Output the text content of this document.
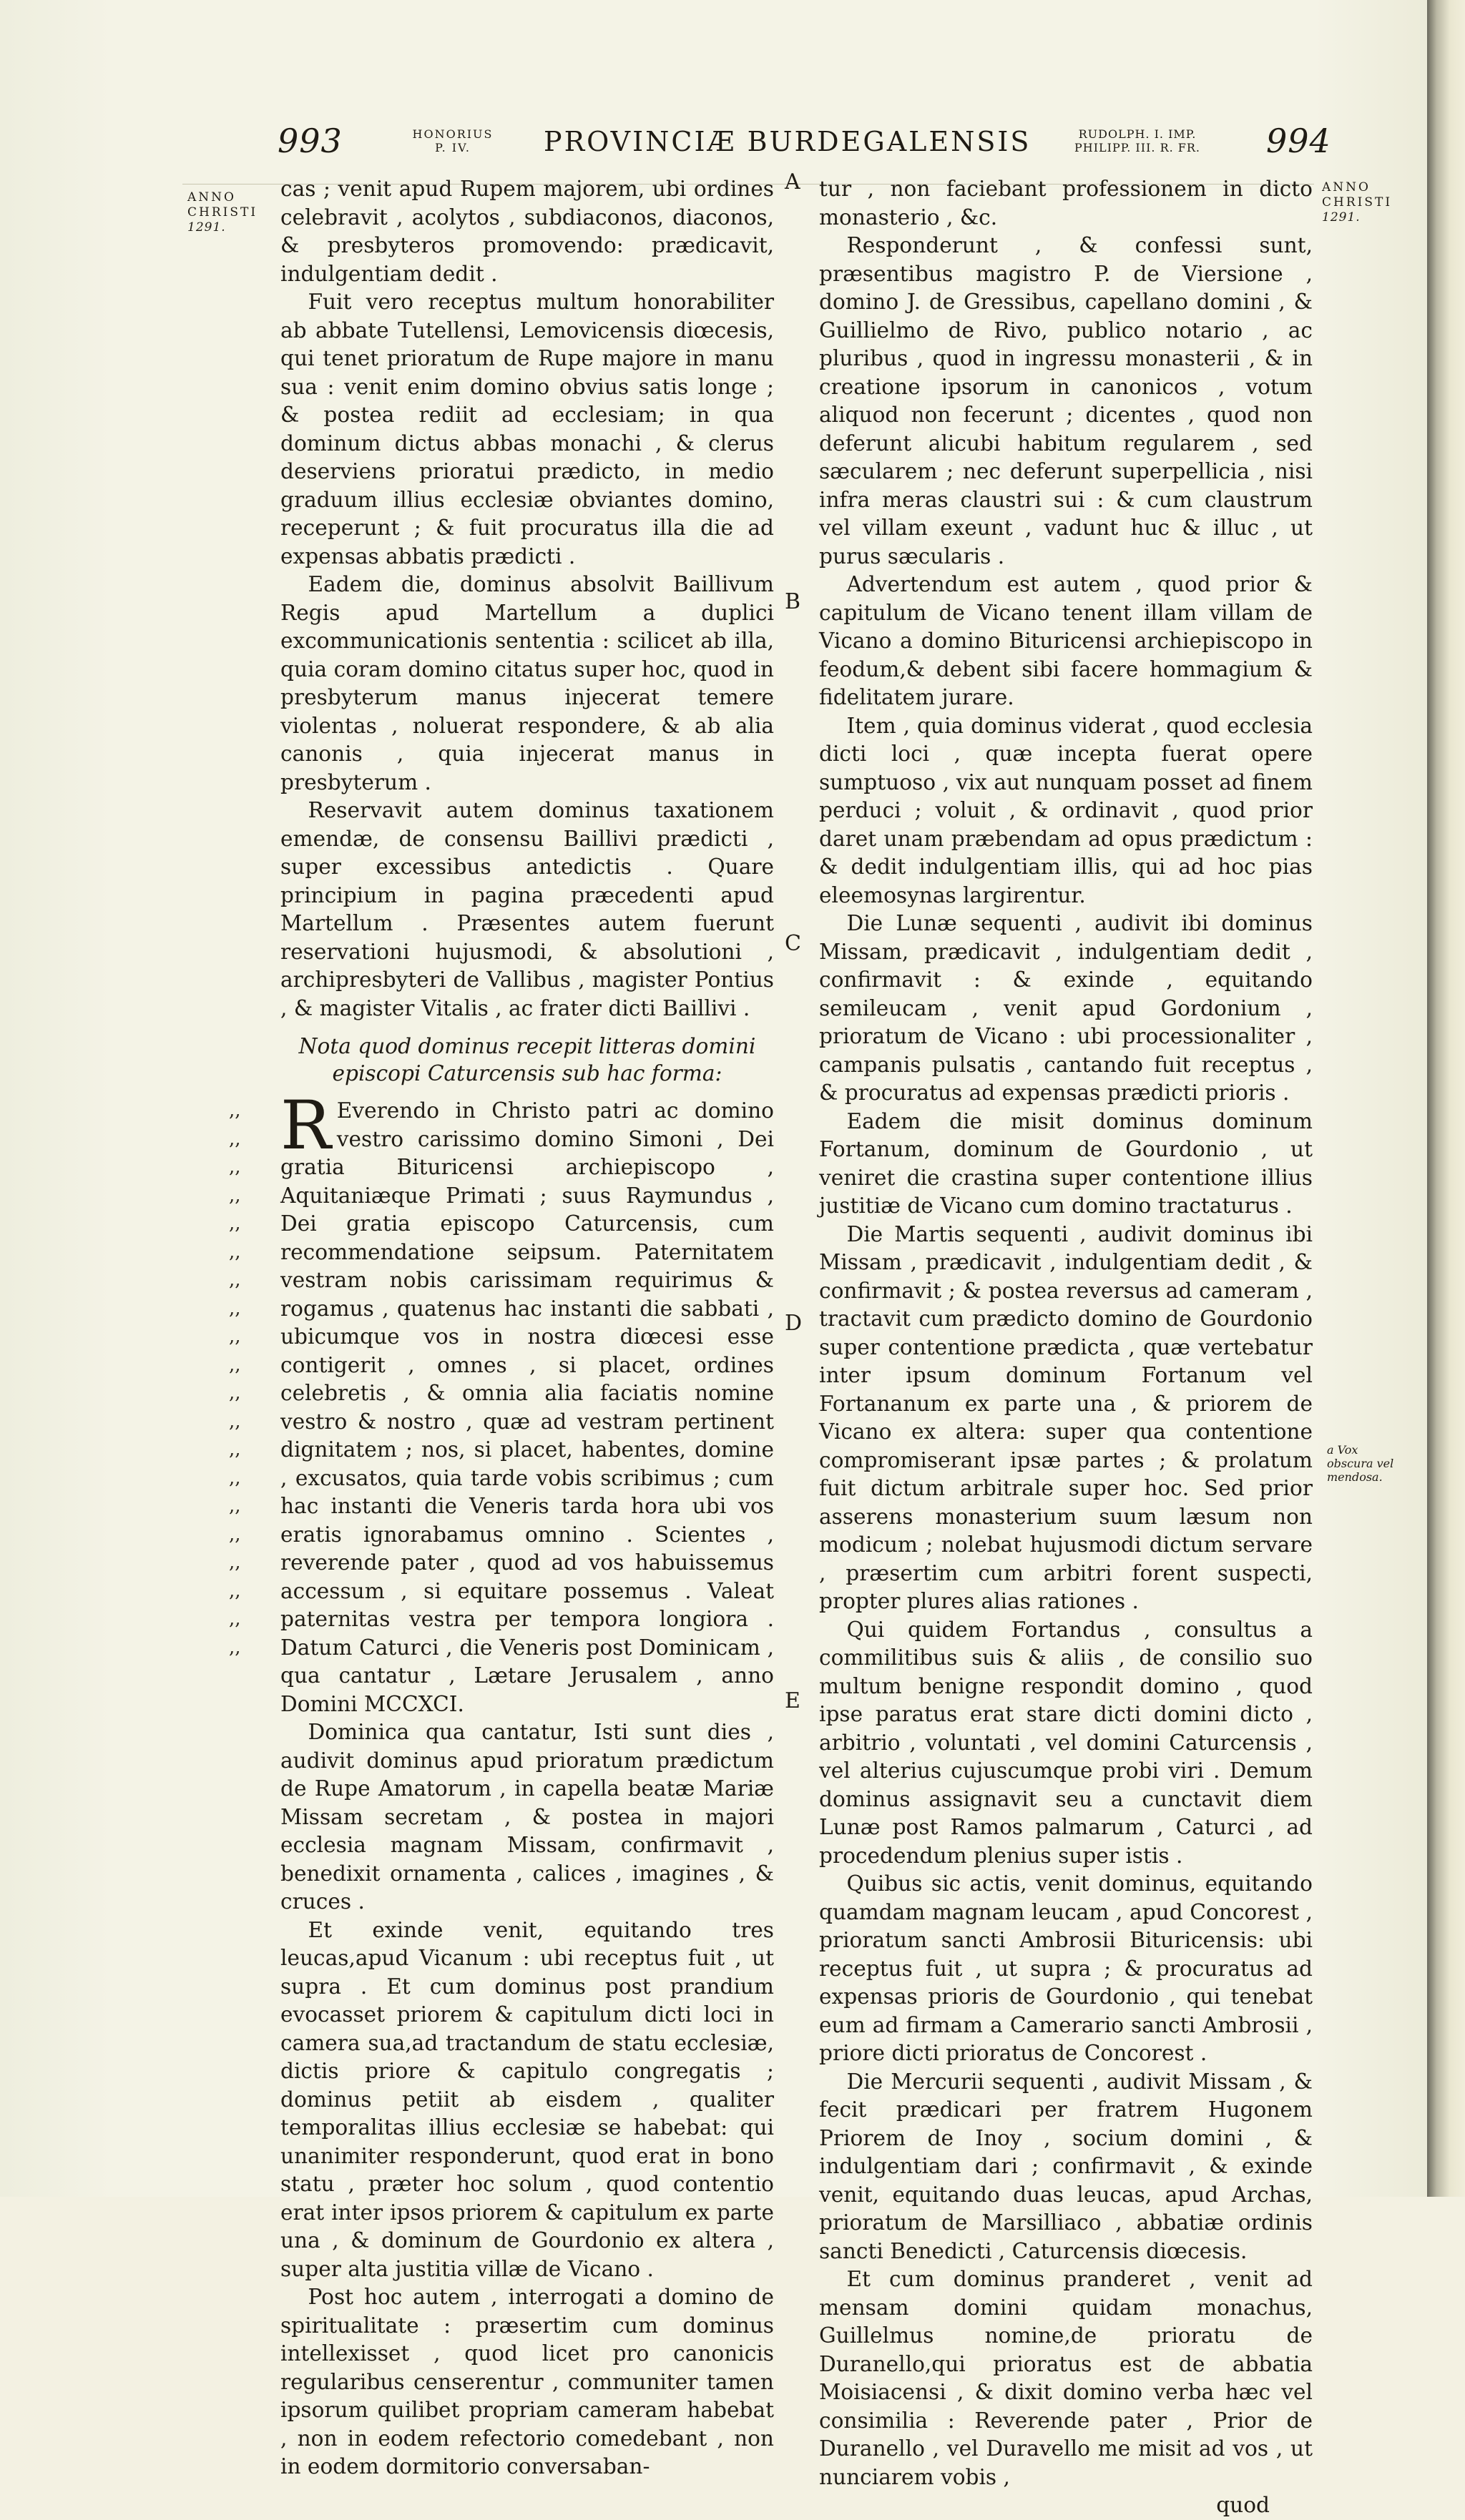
993	HONORIUS
P. IV.	PROVINCIÆ BURDEGALENSIS	RUDOLPH. I. IMP.
PHILIPP. III. R. FR.	994
ANNO
CHRISTI
1291.
ANNO
CHRISTI
1291.
a Vox obscura vel mendosa.
A
B
C
D
E

cas ; venit apud Rupem majorem, ubi ordines celebravit , acolytos , subdiaconos, diaconos, & presbyteros promovendo: prædicavit, indulgentiam dedit .

Fuit vero receptus multum honorabiliter ab abbate Tutellensi, Lemovicensis diœcesis, qui tenet prioratum de Rupe majore in manu sua : venit enim domino obvius satis longe ; & postea rediit ad ecclesiam; in qua dominum dictus abbas monachi , & clerus deserviens prioratui prædicto, in medio graduum illius ecclesiæ obviantes domino, receperunt ; & fuit procuratus illa die ad expensas abbatis prædicti .

Eadem die, dominus absolvit Baillivum Regis apud Martellum a duplici excommunicationis sententia : scilicet ab illa, quia coram domino citatus super hoc, quod in presbyterum manus injecerat temere violentas , noluerat respondere, & ab alia canonis , quia injecerat manus in presbyterum .

Reservavit autem dominus taxationem emendæ, de consensu Baillivi prædicti , super excessibus antedictis . Quare principium in pagina præcedenti apud Martellum . Præsentes autem fuerunt reservationi hujusmodi, & absolutioni , archipresbyteri de Vallibus , magister Pontius , & magister Vitalis , ac frater dicti Baillivi .

Nota quod dominus recepit litteras domini episcopi Caturcensis sub hac forma:

,,
,,
,,
,,
,,
,,
,,
,,
,,
,,
,,
,,
,,
,,
,,
,,
,,
,,
,,
,,
R Everendo in Christo patri ac domino vestro carissimo domino Simoni , Dei gratia Bituricensi archiepiscopo , Aquitaniæque Primati ; suus Raymundus , Dei gratia episcopo Caturcensis, cum recommendatione seipsum. Paternitatem vestram nobis carissimam requirimus & rogamus , quatenus hac instanti die sabbati , ubicumque vos in nostra diœcesi esse contigerit , omnes , si placet, ordines celebretis , & omnia alia faciatis nomine vestro & nostro , quæ ad vestram pertinent dignitatem ; nos, si placet, habentes, domine , excusatos, quia tarde vobis scribimus ; cum hac instanti die Veneris tarda hora ubi vos eratis ignorabamus omnino . Scientes , reverende pater , quod ad vos habuissemus accessum , si equitare possemus . Valeat paternitas vestra per tempora longiora . Datum Caturci , die Veneris post Dominicam , qua cantatur , Lætare Jerusalem , anno Domini MCCXCI.

Dominica qua cantatur, Isti sunt dies , audivit dominus apud prioratum prædictum de Rupe Amatorum , in capella beatæ Mariæ Missam secretam , & postea in majori ecclesia magnam Missam, confirmavit , benedixit ornamenta , calices , imagines , & cruces .

Et exinde venit, equitando tres leucas,apud Vicanum : ubi receptus fuit , ut supra . Et cum dominus post prandium evocasset priorem & capitulum dicti loci in camera sua,ad tractandum de statu ecclesiæ, dictis priore & capitulo congregatis ; dominus petiit ab eisdem , qualiter temporalitas illius ecclesiæ se habebat: qui unanimiter responderunt, quod erat in bono statu , præter hoc solum , quod contentio erat inter ipsos priorem & capitulum ex parte una , & dominum de Gourdonio ex altera , super alta justitia villæ de Vicano .

Post hoc autem , interrogati a domino de spiritualitate : præsertim cum dominus intellexisset , quod licet pro canonicis regularibus censerentur , communiter tamen ipsorum quilibet propriam cameram habebat , non in eodem refectorio comedebant , non in eodem dormitorio conversaban-

tur , non faciebant professionem in dicto monasterio , &c.

Responderunt , & confessi sunt, præsentibus magistro P. de Viersione , domino J. de Gressibus, capellano domini , & Guillielmo de Rivo, publico notario , ac pluribus , quod in ingressu monasterii , & in creatione ipsorum in canonicos , votum aliquod non fecerunt ; dicentes , quod non deferunt alicubi habitum regularem , sed sæcularem ; nec deferunt superpellicia , nisi infra meras claustri sui : & cum claustrum vel villam exeunt , vadunt huc & illuc , ut purus sæcularis .

Advertendum est autem , quod prior & capitulum de Vicano tenent illam villam de Vicano a domino Bituricensi archiepiscopo in feodum,& debent sibi facere hommagium & fidelitatem jurare.

Item , quia dominus viderat , quod ecclesia dicti loci , quæ incepta fuerat opere sumptuoso , vix aut nunquam posset ad finem perduci ; voluit , & ordinavit , quod prior daret unam præbendam ad opus prædictum : & dedit indulgentiam illis, qui ad hoc pias eleemosynas largirentur.

Die Lunæ sequenti , audivit ibi dominus Missam, prædicavit , indulgentiam dedit , confirmavit : & exinde , equitando semileucam , venit apud Gordonium , prioratum de Vicano : ubi processionaliter , campanis pulsatis , cantando fuit receptus , & procuratus ad expensas prædicti prioris .

Eadem die misit dominus dominum Fortanum, dominum de Gourdonio , ut veniret die crastina super contentione illius justitiæ de Vicano cum domino tractaturus .

Die Martis sequenti , audivit dominus ibi Missam , prædicavit , indulgentiam dedit , & confirmavit ; & postea reversus ad cameram , tractavit cum prædicto domino de Gourdonio super contentione prædicta , quæ vertebatur inter ipsum dominum Fortanum vel Fortananum ex parte una , & priorem de Vicano ex altera: super qua contentione compromiserant ipsæ partes ; & prolatum fuit dictum arbitrale super hoc. Sed prior asserens monasterium suum læsum non modicum ; nolebat hujusmodi dictum servare , præsertim cum arbitri forent suspecti, propter plures alias rationes .

Qui quidem Fortandus , consultus a commilitibus suis & aliis , de consilio suo multum benigne respondit domino , quod ipse paratus erat stare dicti domini dicto , arbitrio , voluntati , vel domini Caturcensis , vel alterius cujuscumque probi viri . Demum dominus assignavit seu a cunctavit diem Lunæ post Ramos palmarum , Caturci , ad procedendum plenius super istis .

Quibus sic actis, venit dominus, equitando quamdam magnam leucam , apud Concorest , prioratum sancti Ambrosii Bituricensis: ubi receptus fuit , ut supra ; & procuratus ad expensas prioris de Gourdonio , qui tenebat eum ad firmam a Camerario sancti Ambrosii , priore dicti prioratus de Concorest .

Die Mercurii sequenti , audivit Missam , & fecit prædicari per fratrem Hugonem Priorem de Inoy , socium domini , & indulgentiam dari ; confirmavit , & exinde venit, equitando duas leucas, apud Archas, prioratum de Marsilliaco , abbatiæ ordinis sancti Benedicti , Caturcensis diœcesis.

Et cum dominus pranderet , venit ad mensam domini quidam monachus, Guillelmus nomine,de prioratu de Duranello,qui prioratus est de abbatia Moisiacensi , & dixit domino verba hæc vel consimilia : Reverende pater , Prior de Duranello , vel Duravello me misit ad vos , ut nunciarem vobis ,

quod
